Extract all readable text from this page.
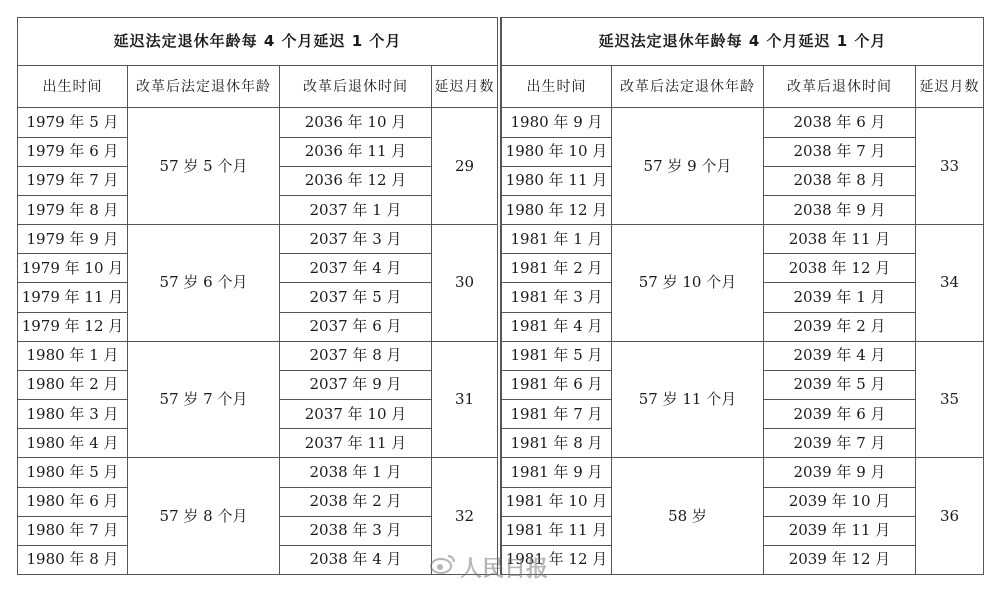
延迟法定退休年龄每 4 个月延迟 1 个月			
出生时间	改革后法定退休年龄	改革后退休时间	延迟月数
1979 年 5 月	57 岁 5 个月	2036 年 10 月	29
1979 年 6 月		2036 年 11 月	
1979 年 7 月		2036 年 12 月	
1979 年 8 月		2037 年 1 月	
1979 年 9 月	57 岁 6 个月	2037 年 3 月	30
1979 年 10 月		2037 年 4 月	
1979 年 11 月		2037 年 5 月	
1979 年 12 月		2037 年 6 月	
1980 年 1 月	57 岁 7 个月	2037 年 8 月	31
1980 年 2 月		2037 年 9 月	
1980 年 3 月		2037 年 10 月	
1980 年 4 月		2037 年 11 月	
1980 年 5 月	57 岁 8 个月	2038 年 1 月	32
1980 年 6 月		2038 年 2 月	
1980 年 7 月		2038 年 3 月	
1980 年 8 月		2038 年 4 月	
延迟法定退休年龄每 4 个月延迟 1 个月			
出生时间	改革后法定退休年龄	改革后退休时间	延迟月数
1980 年 9 月	57 岁 9 个月	2038 年 6 月	33
1980 年 10 月		2038 年 7 月	
1980 年 11 月		2038 年 8 月	
1980 年 12 月		2038 年 9 月	
1981 年 1 月	57 岁 10 个月	2038 年 11 月	34
1981 年 2 月		2038 年 12 月	
1981 年 3 月		2039 年 1 月	
1981 年 4 月		2039 年 2 月	
1981 年 5 月	57 岁 11 个月	2039 年 4 月	35
1981 年 6 月		2039 年 5 月	
1981 年 7 月		2039 年 6 月	
1981 年 8 月		2039 年 7 月	
1981 年 9 月	58 岁	2039 年 9 月	36
1981 年 10 月		2039 年 10 月	
1981 年 11 月		2039 年 11 月	
1981 年 12 月		2039 年 12 月	
人民日报
